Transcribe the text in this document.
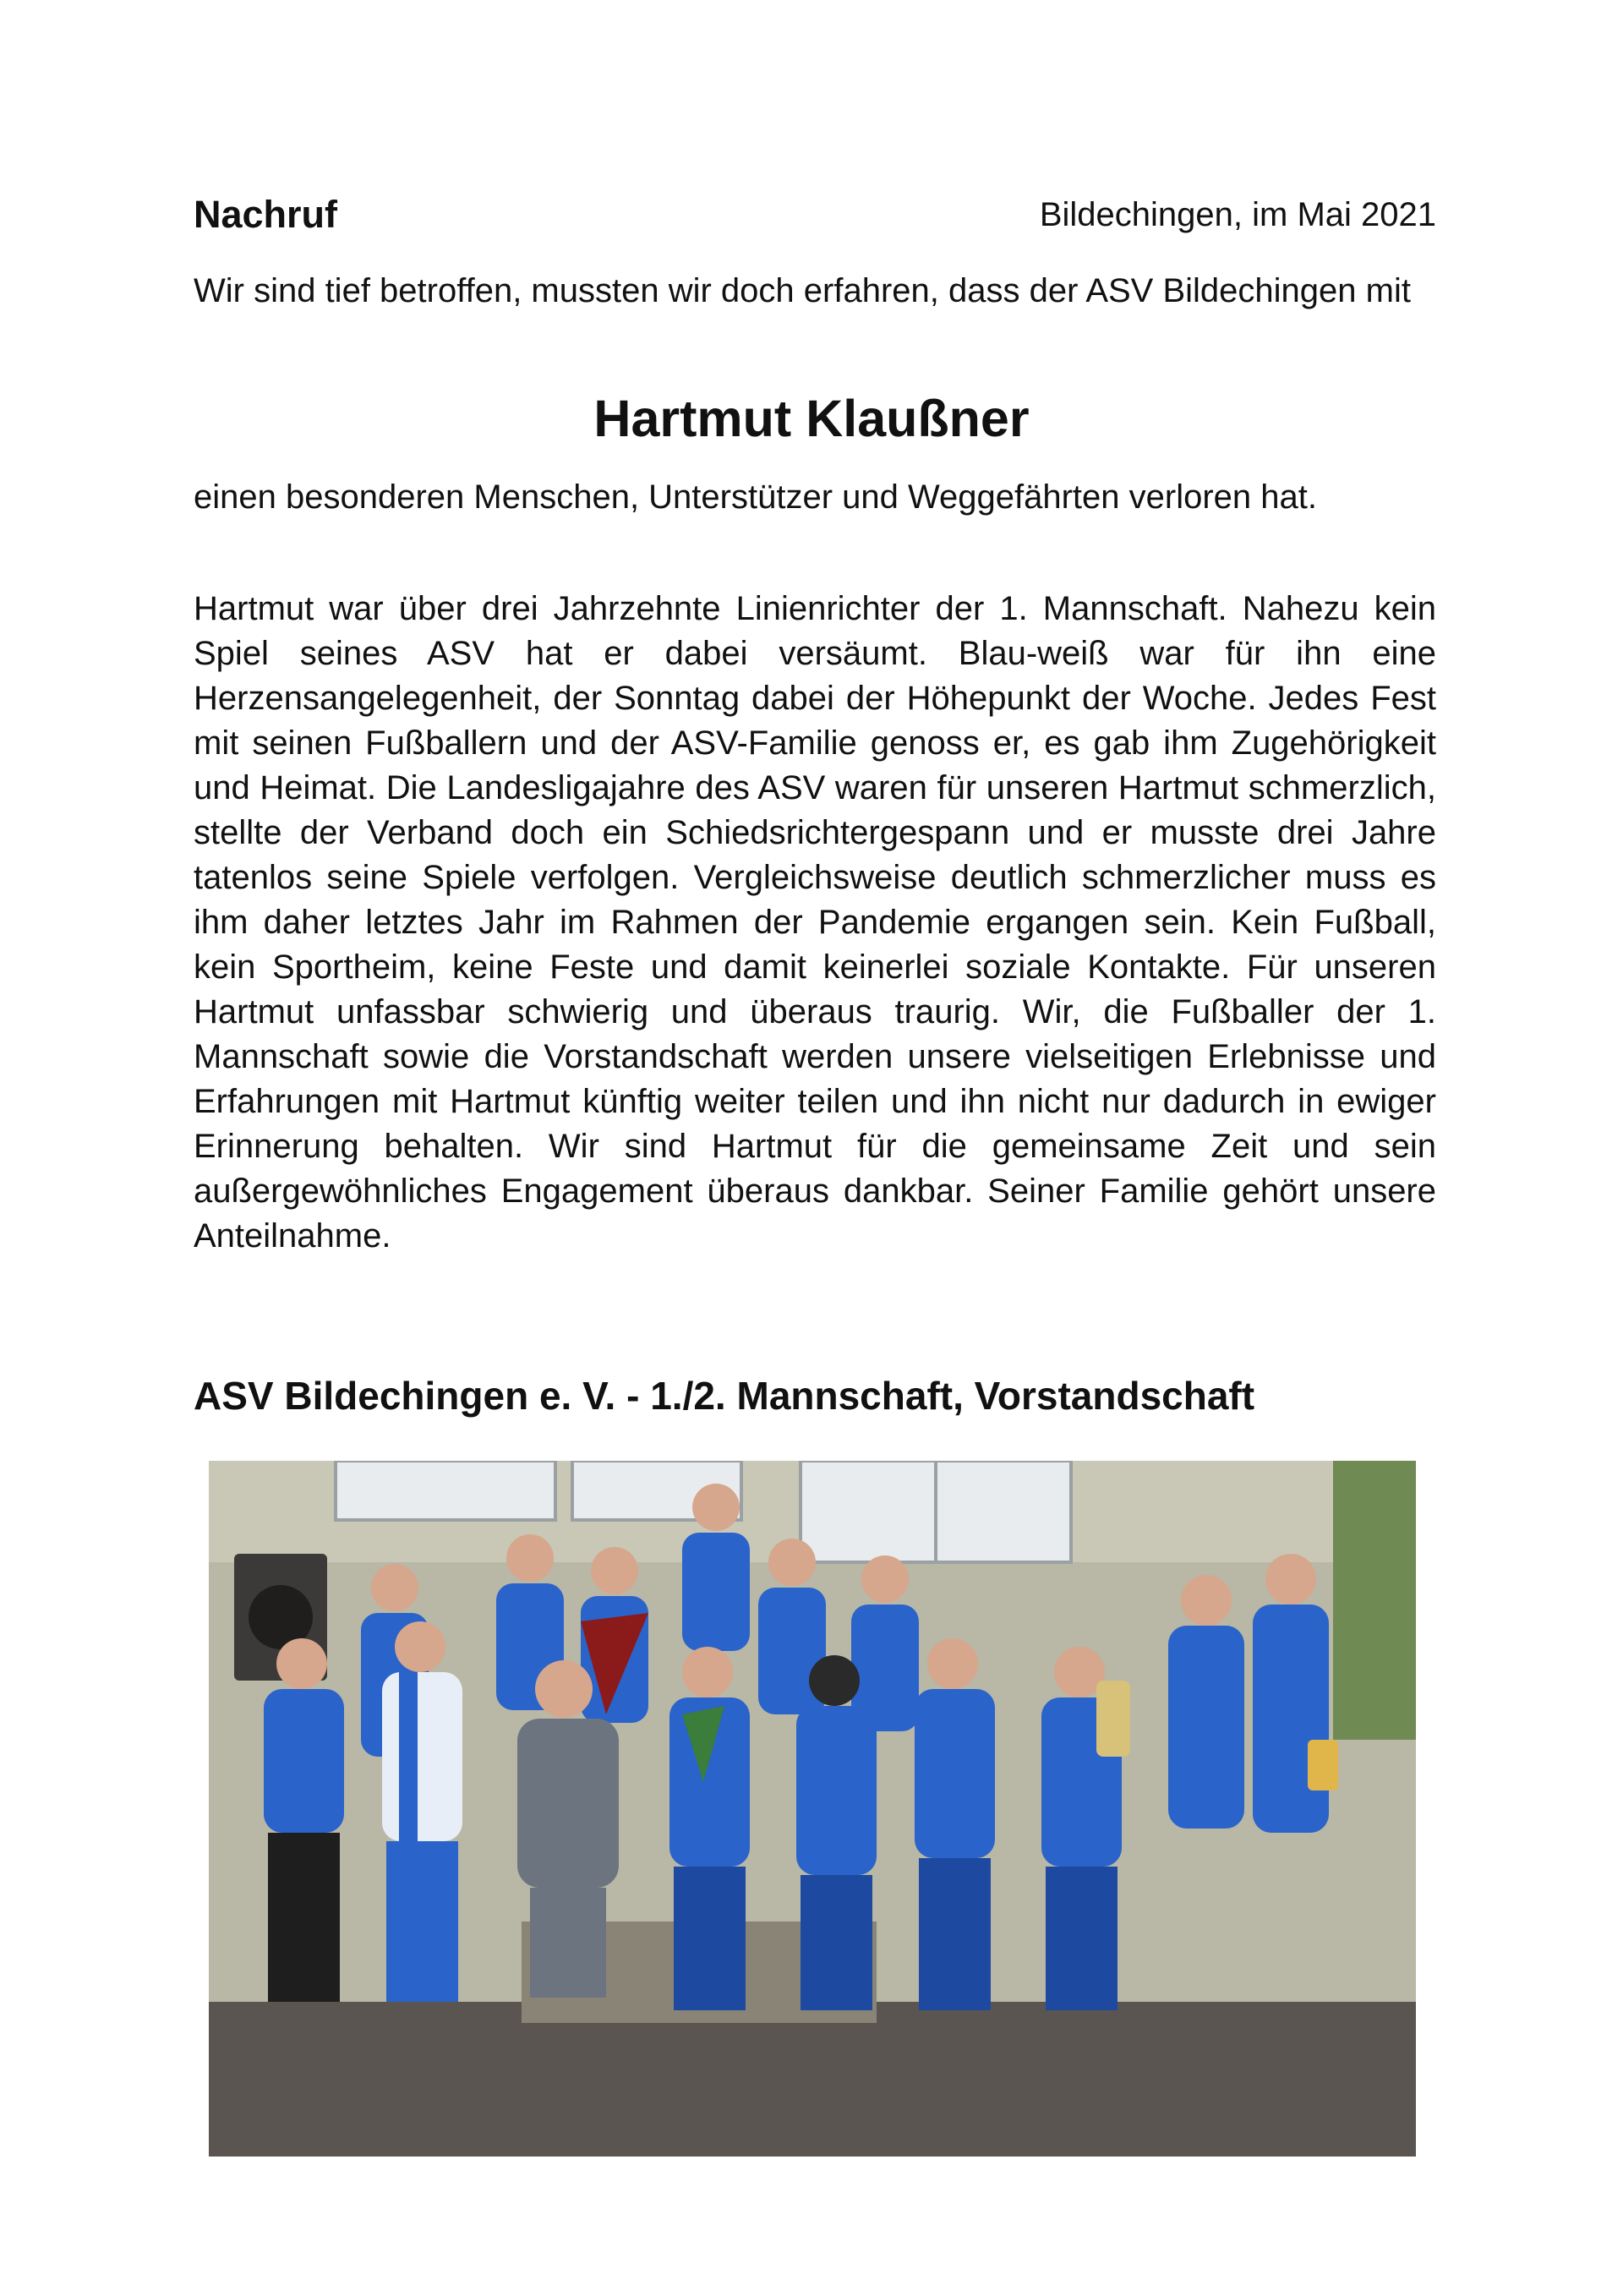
Nachruf	Bildechingen, im Mai 2021

Wir sind tief betroffen, mussten wir doch erfahren, dass der ASV Bildechingen mit

Hartmut Klaußner

einen besonderen Menschen, Unterstützer und Weggefährten verloren hat.

Hartmut war über drei Jahrzehnte Linienrichter der 1. Mannschaft. Nahezu kein Spiel seines ASV hat er dabei versäumt. Blau-weiß war für ihn eine Herzensangelegenheit, der Sonntag dabei der Höhepunkt der Woche. Jedes Fest mit seinen Fußballern und der ASV-Familie genoss er, es gab ihm Zugehörigkeit und Heimat. Die Landesligajahre des ASV waren für unseren Hartmut schmerzlich, stellte der Verband doch ein Schiedsrichtergespann und er musste drei Jahre tatenlos seine Spiele verfolgen. Vergleichsweise deutlich schmerzlicher muss es ihm daher letztes Jahr im Rahmen der Pandemie ergangen sein. Kein Fußball, kein Sportheim, keine Feste und damit keinerlei soziale Kontakte. Für unseren Hartmut unfassbar schwierig und überaus traurig. Wir, die Fußballer der 1. Mannschaft sowie die Vorstandschaft werden unsere vielseitigen Erlebnisse und Erfahrungen mit Hartmut künftig weiter teilen und ihn nicht nur dadurch in ewiger Erinnerung behalten. Wir sind Hartmut für die gemeinsame Zeit und sein außergewöhnliches Engagement überaus dankbar. Seiner Familie gehört unsere Anteilnahme.

ASV Bildechingen e. V. - 1./2. Mannschaft, Vorstandschaft
